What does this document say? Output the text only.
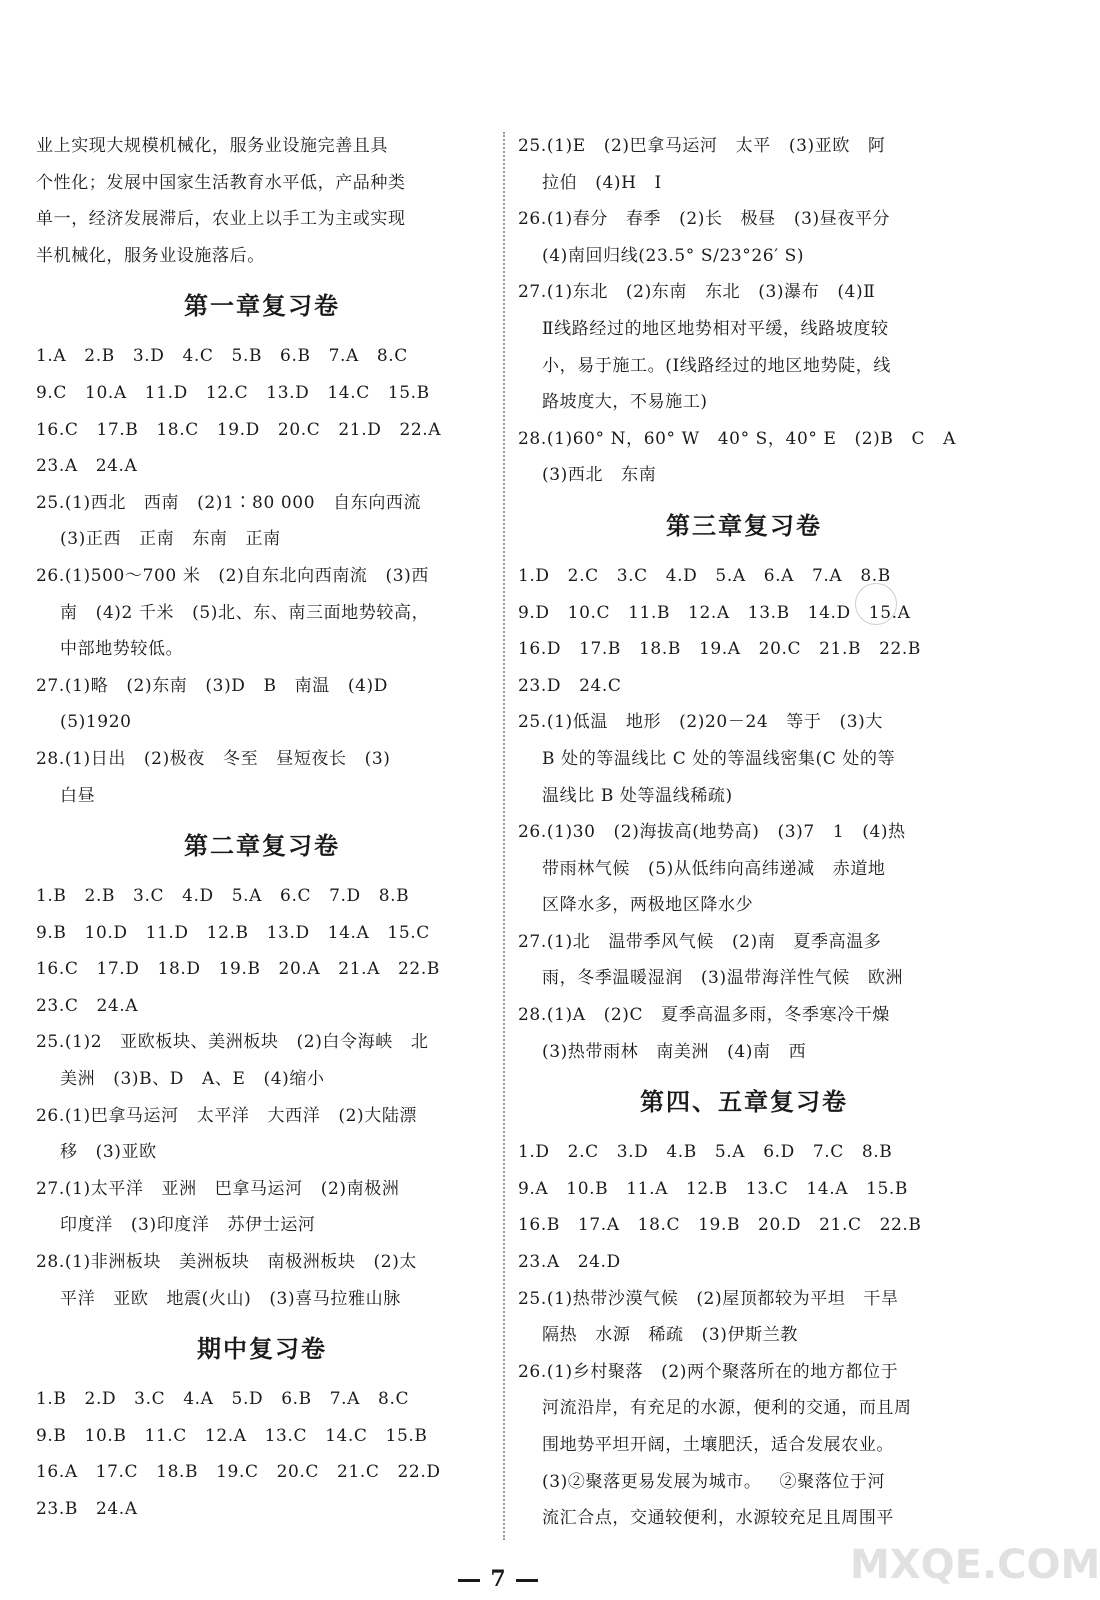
业上实现大规模机械化，服务业设施完善且具
个性化；发展中国家生活教育水平低，产品种类
单一，经济发展滞后，农业上以手工为主或实现
半机械化，服务业设施落后。
第一章复习卷
1.A   2.B   3.D   4.C   5.B   6.B   7.A   8.C
9.C   10.A   11.D   12.C   13.D   14.C   15.B
16.C   17.B   18.C   19.D   20.C   21.D   22.A
23.A   24.A
25.(1)西北   西南   (2)1∶80 000   自东向西流
(3)正西   正南   东南   正南
26.(1)500～700 米   (2)自东北向西南流   (3)西
南   (4)2 千米   (5)北、东、南三面地势较高，
中部地势较低。
27.(1)略   (2)东南   (3)D   B   南温   (4)D
(5)1920
28.(1)日出   (2)极夜   冬至   昼短夜长   (3)
白昼
第二章复习卷
1.B   2.B   3.C   4.D   5.A   6.C   7.D   8.B
9.B   10.D   11.D   12.B   13.D   14.A   15.C
16.C   17.D   18.D   19.B   20.A   21.A   22.B
23.C   24.A
25.(1)2   亚欧板块、美洲板块   (2)白令海峡   北
美洲   (3)B、D   A、E   (4)缩小
26.(1)巴拿马运河   太平洋   大西洋   (2)大陆漂
移   (3)亚欧
27.(1)太平洋   亚洲   巴拿马运河   (2)南极洲
印度洋   (3)印度洋   苏伊士运河
28.(1)非洲板块   美洲板块   南极洲板块   (2)太
平洋   亚欧   地震(火山)   (3)喜马拉雅山脉
期中复习卷
1.B   2.D   3.C   4.A   5.D   6.B   7.A   8.C
9.B   10.B   11.C   12.A   13.C   14.C   15.B
16.A   17.C   18.B   19.C   20.C   21.C   22.D
23.B   24.A
25.(1)E   (2)巴拿马运河   太平   (3)亚欧   阿
拉伯   (4)H   I
26.(1)春分   春季   (2)长   极昼   (3)昼夜平分
(4)南回归线(23.5° S/23°26′ S)
27.(1)东北   (2)东南   东北   (3)瀑布   (4)Ⅱ
Ⅱ线路经过的地区地势相对平缓，线路坡度较
小，易于施工。(Ⅰ线路经过的地区地势陡，线
路坡度大，不易施工)
28.(1)60° N，60° W   40° S，40° E   (2)B   C   A
(3)西北   东南
第三章复习卷
1.D   2.C   3.C   4.D   5.A   6.A   7.A   8.B
9.D   10.C   11.B   12.A   13.B   14.D   15.A
16.D   17.B   18.B   19.A   20.C   21.B   22.B
23.D   24.C
25.(1)低温   地形   (2)20－24   等于   (3)大
B 处的等温线比 C 处的等温线密集(C 处的等
温线比 B 处等温线稀疏)
26.(1)30   (2)海拔高(地势高)   (3)7   1   (4)热
带雨林气候   (5)从低纬向高纬递减   赤道地
区降水多，两极地区降水少
27.(1)北   温带季风气候   (2)南   夏季高温多
雨，冬季温暖湿润   (3)温带海洋性气候   欧洲
28.(1)A   (2)C   夏季高温多雨，冬季寒冷干燥
(3)热带雨林   南美洲   (4)南   西
第四、五章复习卷
1.D   2.C   3.D   4.B   5.A   6.D   7.C   8.B
9.A   10.B   11.A   12.B   13.C   14.A   15.B
16.B   17.A   18.C   19.B   20.D   21.C   22.B
23.A   24.D
25.(1)热带沙漠气候   (2)屋顶都较为平坦   干旱
隔热   水源   稀疏   (3)伊斯兰教
26.(1)乡村聚落   (2)两个聚落所在的地方都位于
河流沿岸，有充足的水源，便利的交通，而且周
围地势平坦开阔，土壤肥沃，适合发展农业。
(3)②聚落更易发展为城市。   ②聚落位于河
流汇合点，交通较便利，水源较充足且周围平
MXQE.COM
7
